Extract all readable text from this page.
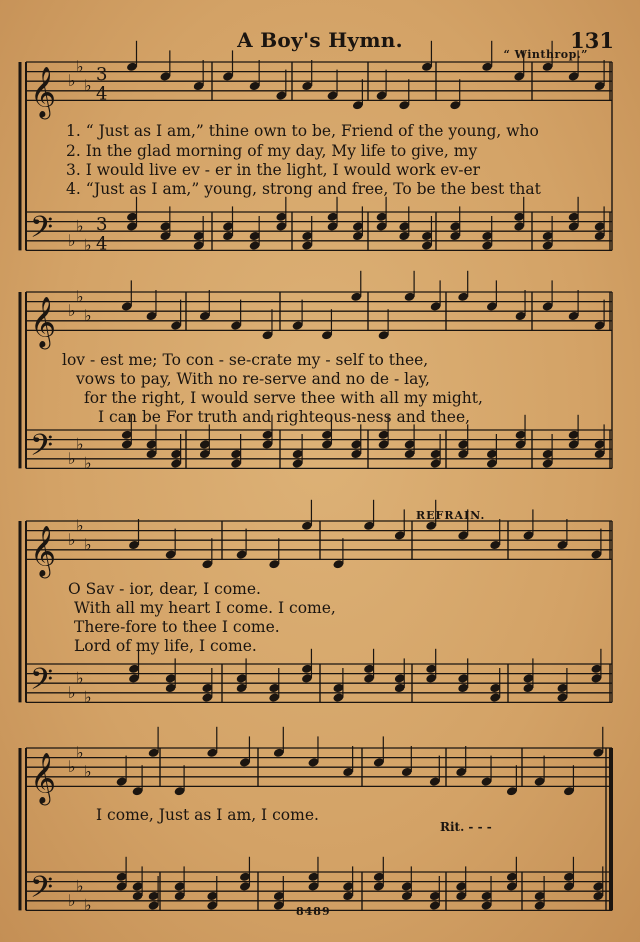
A Boy's Hymn.	131
“ Winthrop.”
REFRAIN.
Rit. - - -
8489
1. “ Just as I am,” thine own to be, Friend of the young, who
2. In the glad morning of my day, My life to give, my
3. I would live ev - er in the light, I would work ev-er
4. “Just as I am,” young, strong and free, To be the best that
lov - est me; To con - se-crate my - self to thee,
vows to pay, With no re-serve and no de - lay,
for the right, I would serve thee with all my might,
I can be For truth and righteous-ness and thee,
O Sav - ior, dear, I come.
With all my heart I come. I come,
There-fore to thee I come.
Lord of my life, I come.
I come, Just as I am, I come.
𝄞 ♭
♭
♭
3
4
𝄢 ♭
♭
♭
3
4
𝄞 ♭
♭
♭
𝄢 ♭
♭
♭
𝄞 ♭
♭
♭
𝄢 ♭
♭
♭
𝄞 ♭
♭
♭
𝄢 ♭
♭
♭
